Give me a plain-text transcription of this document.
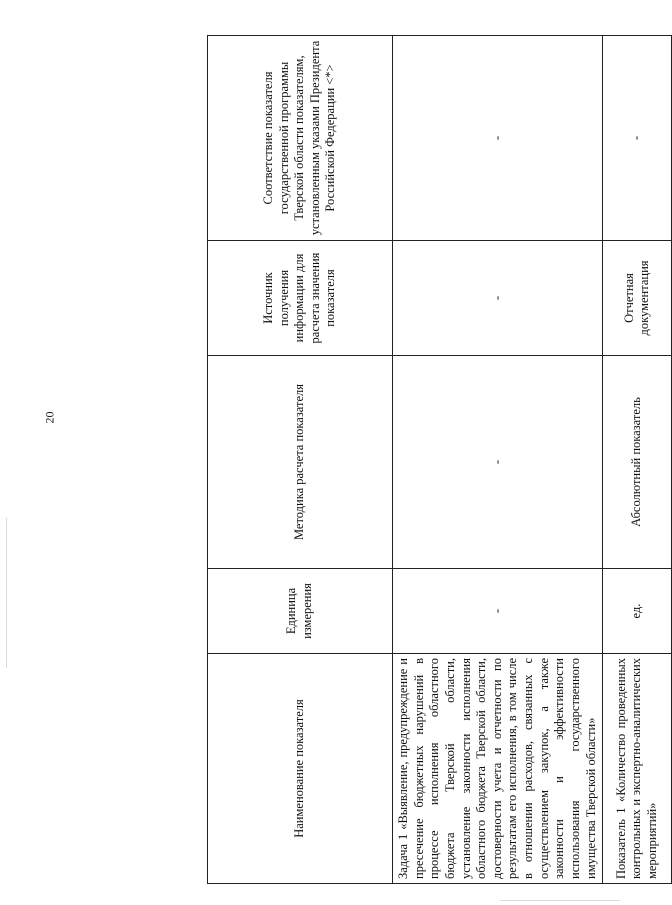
20
Наименование показателя	Единица измерения	Методика расчета показателя	Источник получения информации для расчета значения показателя	Соответствие показателя государственной программы Тверской области показателям, установленным указами Президента Российской Федерации <*>
Задача 1 «Выявление, предупреждение и пресечение бюджетных нарушений в процессе исполнения областного бюджета Тверской области, установление законности исполнения областного бюджета Тверской области, достоверности учета и отчетности по результатам его исполнения, в том числе в отношении расходов, связанных с осуществлением закупок, а также законности и эффективности использования государственного имущества Тверской области»	-	-	-	-
Показатель 1 «Количество проведенных контрольных и экспертно-аналитических мероприятий»	ед.	Абсолютный показатель	Отчетная документация	-
